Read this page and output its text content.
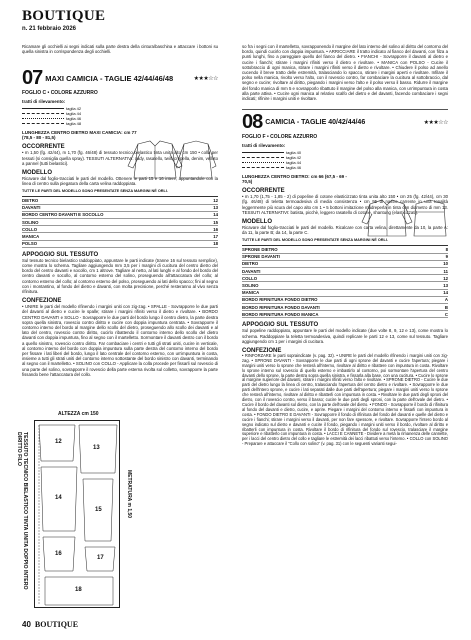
BOUTIQUE
n. 21 febbraio 2026

Ricamare gli occhielli ai segni indicati sulla parte destra della cintura/baschina e attaccare i bottoni su quella sinistra in corrispondenza degli occhielli.

07 MAXI CAMICIA - TAGLIE 42/44/46/48	★★★☆☆
FOGLIO C • COLORE AZZURRO
tratti di rilevamento:
taglia 42
taglia 44
taglia 46
taglia 48
LUNGHEZZA CENTRO DIETRO MAXI CAMICIA: cm 77 (78,5 - 80 - 81,5)
OCCORRENTE

• m 1,50 (fg. 42/44), m 1,70 (fg. 46/48) di tessuto tecnico bielastico tinta unita alto cm 150 • colla per tessuti (si consiglia quella spray). TESSUTI ALTERNATIVI: cady, rasatello, twill, crepella, denim, velluto a pannel (tutti bielastici).

MODELLO

Ricavare dal foglio-tracciati le parti del modello. Ottenere le parti 15 e 16 intere, appuntandole con la linea di centro sulla piegatura della carta velina raddoppiata.

TUTTE LE PARTI DEL MODELLO SONO PRESENTATE SENZA MARGINI NÉ ORLI.
DIETRO	12
DAVANTI	13
BORDO CENTRO DAVANTI E SOCOLLO	14
SOLINO	15
COLLO	16
MANICA	17
POLSO	18
APPOGGIO SUL TESSUTO

Sul tessuto tecnico bielastico raddoppiato, appuntare le parti indicate (tranne 16 sul tessuto semplice), come mostra lo schema. Tagliare aggiungendo mm 3,5 per i margini di cucitura del centro dietro del bordo del centro davanti e socollo, cm 1 altrove. Tagliare al netto, al lati lunghi e al fondo del bordo del centro davanti e socollo, al contorno esterno del solino, proseguendo all'attaccatura del collo; al contorno esterno del collo; al contorno esterno del polso, proseguendo ai lati dello spacco; fini al segno con i montantino, al fondo del dietro e davanti, con molta precisione, perché resteranno al vivo senza rifinitura.

CONFEZIONE

• UNIRE le parti del modello rifinendo i margini uniti con zig-zag. • SPALLE - Sovrapporre le due parti del davanti al dietro e cucire le spalle; stirare i margini rifiniti verso il dietro e rivoltare. • BORDO CENTRO DAVANTI e SOLLO - Sovrapporre le due parti del bordo lungo il centro dietro, la parte destra sopra quella sinistra, rovescio contro diritto e cucire con doppia impuntura centrata. • Sovrapporre il contorno interno del bordo al margine dello scollo del dietro, proseguendo allo scollo dei davanti e al lato del centro, rovescio contro diritto, cucirlo ribattendo il contorno interno dello scollo del dietro davanti con doppia impuntura, fino al segno con il martelletto. Sormontare il davanti destro con il bordo a quello sinistro, rovescio contro diritto. Far combaciare i centri e tutti gli strati uniti, cucire in verticale, al contorno interno del bordo con doppia impuntura sulla parte destra del contorno interno del bordo per fissare i lati liberi del bordo, lungo il lato centrale del contorno esterno, con un'impuntura in costa, insieme a tutti gli strati uniti del contorno interno sottostante del bordo sinistro con davanti, terminando al segno con il martelletto. • SOLINO con COLLO - Applicare la colla procede per fissarli sul rovescio di una parte del solino, sovrapporre il rovescio della parte esterna rivolta sul colletto, sovrapporre la parte fissando bene l'attaccatura del collo.

12
13
14
15
16
17
18
ALTEZZA cm 150
TESSUTO TECNICO BIELASTICO TINTA UNITA DOPPIO INTERO DIRITTO FILO
METRATURA m 1,50

so fra i segni con il martelletto, sovrapponendo il margine del lato interno del solino al diritto del contorno del bordo, quindi cucirlo con doppia impuntura. • ARRICCIARE il tratto indicato al fianco del davanti, con filza a punti lunghi, fino a pareggiare quello del fianco del dietro. • FIANCHI - Sovrapporre il davanti al dietro e cucire i fianchi; stirare i margini rifiniti verso il dietro e rivoltare. • MANICA con POLSO - Cucire il sottobraccio di ogni manica, stirare i margini rifiniti verso il dietro e rivoltare. • Chiudere il polso ad anello cucendo il breve tratto delle estremità, tralasciando lo spacco, stirare i margini aperti e rivoltare. Infilare il polso nella manica, rivolto verso l'alto, con il rovescio contro, far combaciare la cucitura al sottobraccio, dal segno e cucire; rivoltare al diritto, piegando i margini verso l'alto e il polso verso il basso. Ridurre il margine del fondo manica di mm 5 e sovrapporlo ribattuto il margine del polso alla manica, con un'impuntura in costa alla parte attiva. • Cucire ogni manica al relativo scalfo del dietro e del davanti, facendo combaciare i segni indicati; rifinire i margini uniti e rivoltare.

08 CAMICIA - TAGLIE 40/42/44/46	★★★☆☆
FOGLIO F • COLORE AZZURRO
tratti di rilevamento:
taglia 40
taglia 42
taglia 44
taglia 46
LUNGHEZZA CENTRO DIETRO: cm 66 (67,5 - 69 - 70,5)
OCCORRENTE

• m 1,70 (1,75 - 1,85 - 2) di popeline di cotone elasticizzato tinta unita alto 150 • cm 25 (fg. 42/44), cm 30 (fg. 46/48) di teletta termoadesiva di media consistenza • cm 95 di nastro carrente in una tonalità leggermente più scura del capo alto cm 1 • 5 bottoni imitazione madreperla in tinta con diametro di mm 13. TESSUTI ALTERNATIVI: batista, picchè, leggero rasatello di cotone, shantung (elasticizzati).

MODELLO

Ricavare dal foglio-tracciati le parti del modello. Ricalcare con carta velina, direttamente da 10, la parte A: da 11, la parte B; da 14, la parte C.

TUTTE LE PARTI DEL MODELLO SONO PRESENTATE SENZA MARGINI NÉ ORLI.
SPRONE DIETRO	8
SPRONE DAVANTI	9
DIETRO	10
DAVANTI	11
COLLO	12
SOLINO	13
MANICA	14
BORDO RIFINITURA FONDO DIETRO	A
BORDO RIFINITURA FONDO DAVANTI	B
BORDO RIFINITURA FONDO MANICA	C
APPOGGIO SUL TESSUTO

Sul popeline raddoppiato, appuntare le parti del modello indicate (due volte 8, 9, 12 e 13), come mostra lo schema. Raddoppiare la teletta termoadesiva, quindi replicare le parti 12 e 13, come sul tessuto. Tagliare aggiungendo cm 1 per i margini di cucitura.

CONFEZIONE

• RINFORZARE le parti sopraindicate (v. pag. 32). • UNIRE le parti del modello rifinendo i margini uniti con zig-zag. • SPRONE DAVANTI - Sovrapporre le due parti di ogni sprone del davanti e cucire l'apertura; piegare i margini uniti verso lo sprone che resterà all'interno, rivoltare al diritto e ribattere con impuntura in costa. Rivoltare lo sprone interno sul rovescio di quello esterno e imbastirlo al contorno, poi sormontare l'apertura del centro davanti dello sprone, la parte destra sopra quella sinistra, e fissarla alla base, con una cucitura. • Cucire lo sprone al margine superiore del davanti, stirare i margini rifiniti verso l'alto e rivoltare. • SPRONE DIETRO - Cucire le due parti del dietro lungo la linea di centro, tralasciando l'apertura del centro dietro e rivoltare. • Sovrapporre le due parti dell'intero sprone, e cucire i lati separati dalle due parti dell'apertura; piegare i margini uniti verso lo sprone che resterà all'interno, rivoltare al diritto e ribatterli con impuntura in costa. • Rivoltare le due parti degli sproni del dietro, con il rovescio contro, verso il basso; cucire le due parti degli sproni, con la parte dell'ovale del dietro. • Cucire il bordo del davanti sul dietro, con la parte dell'ovale del dietro. • FONDO - Sovrapporre il bordo di rifinitura al fondo del davanti e dietro, cucire, e aprire. Piegare i margini del contorno interno e fissarli con impuntura in costa. • FONDO DIETRO E DAVANTI - Sovrapporre il fondo di rifinitura del fondo del davanti e quelle del dietro e cucire i fianchi; stirare i margini verso il davanti, per non fare spessore, e rivoltare. Sovrapporre l'intero bordo al segno indicato sul dietro e davanti e cucire il fondo, piegando i margini uniti verso il bordo, rivoltare al diritto e ribatterli con impuntura in costa. Rivoltare il bordo di rifinitura del fondo sul rovescio, tralasciare il margine superiore e ribatterlo con impuntura in costa. • LACCI E CANNETE - Dividere a metà la rimanenza delle cannette, per i lacci del centro dietro del collo e tagliare le estremità dei lacci ribattuti verso l'interno. • COLLO con SOLINO - Preparare e attaccare il "Collo con solino" (v. pag. 31) con le seguenti varianti segui-

40 BOUTIQUE
